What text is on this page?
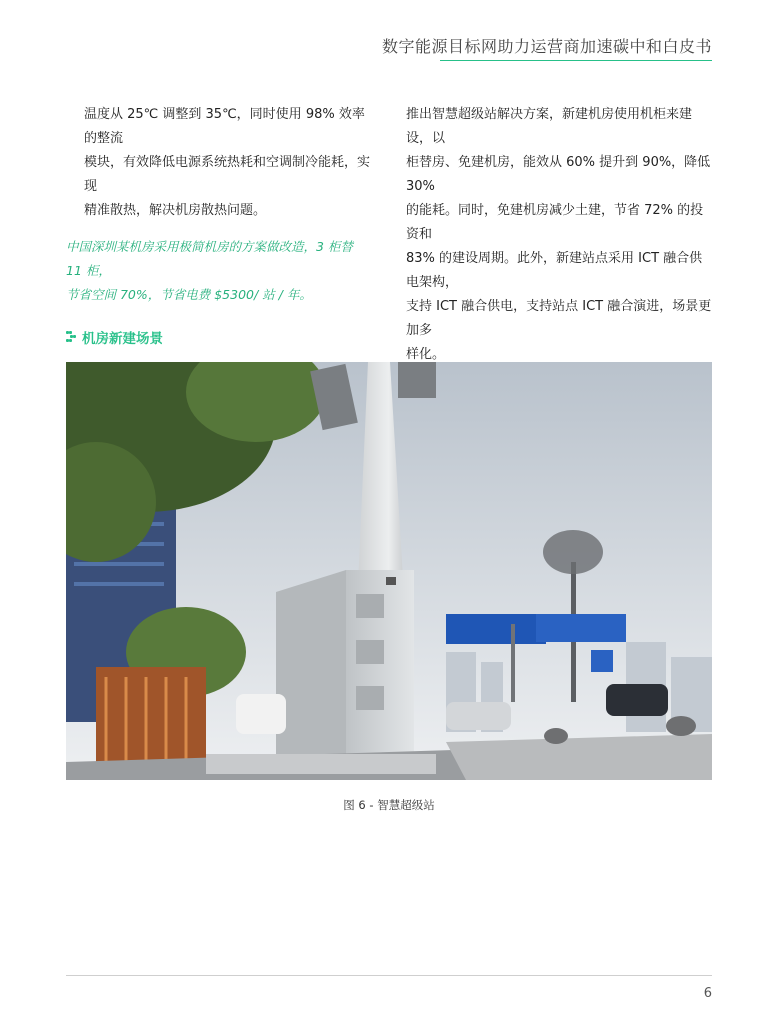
数字能源目标网助力运营商加速碳中和白皮书

温度从 25℃ 调整到 35℃，同时使用 98% 效率的整流

模块，有效降低电源系统热耗和空调制冷能耗，实现

精准散热，解决机房散热问题。

中国深圳某机房采用极简机房的方案做改造，3 柜替 11 柜，

节省空间 70%，节省电费 $5300/ 站 / 年。

机房新建场景

推出智慧超级站解决方案，新建机房使用机柜来建设，以

柜替房、免建机房，能效从 60% 提升到 90%，降低 30%

的能耗。同时，免建机房减少土建，节省 72% 的投资和

83% 的建设周期。此外，新建站点采用 ICT 融合供电架构，

支持 ICT 融合供电，支持站点 ICT 融合演进，场景更加多

样化。

图 6 - 智慧超级站
6
